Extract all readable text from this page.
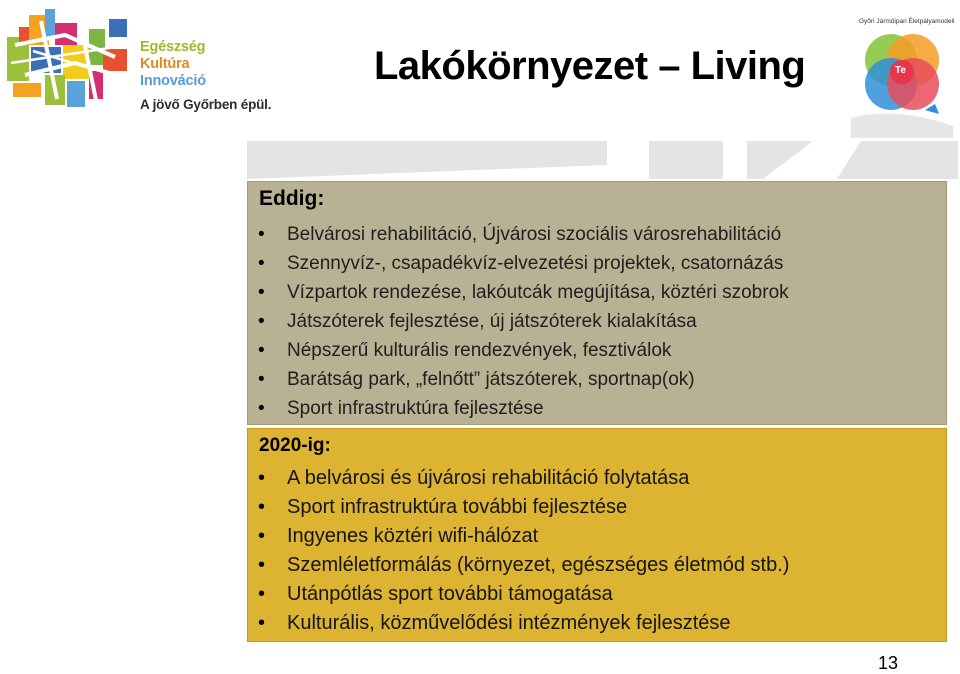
Egészség
Kultúra
Innováció
A jövő Győrben épül.
Lakókörnyezet – Living
Győri Járműipari Életpályamodell
Te
Eddig:
• Belvárosi rehabilitáció, Újvárosi szociális városrehabilitáció
• Szennyvíz-, csapadékvíz-elvezetési projektek, csatornázás
• Vízpartok rendezése, lakóutcák megújítása, köztéri szobrok
• Játszóterek fejlesztése, új játszóterek kialakítása
• Népszerű kulturális rendezvények, fesztiválok
• Barátság park, „felnőtt” játszóterek, sportnap(ok)
• Sport infrastruktúra fejlesztése
2020-ig:
• A belvárosi és újvárosi rehabilitáció folytatása
• Sport infrastruktúra további fejlesztése
• Ingyenes köztéri wifi-hálózat
• Szemléletformálás (környezet, egészséges életmód stb.)
• Utánpótlás sport további támogatása
• Kulturális, közművelődési intézmények fejlesztése
13
